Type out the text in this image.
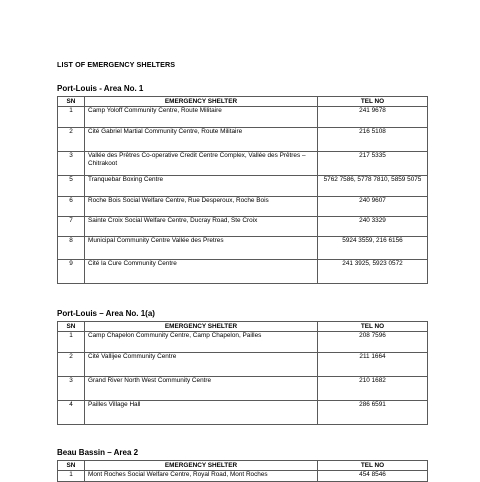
LIST OF EMERGENCY SHELTERS
Port-Louis - Area No. 1
SN	EMERGENCY SHELTER	TEL NO
1	Camp Yoloff Community Centre, Route Militaire	241 9678
2	Cité Gabriel Martial Community Centre, Route Militaire	216 5108
3	Vallée des Prêtres Co-operative Credit Centre Complex, Vallée des Prêtres – Chitrakoot	217 5335
5	Tranquebar Boxing Centre	5762 7586, 5778 7810, 5859 5075
6	Roche Bois Social Welfare Centre, Rue Desperoux, Roche Bois	240 9607
7	Sainte Croix Social Welfare Centre, Ducray Road, Ste Croix	240 3329
8	Municipal Community Centre Vallée des Pretres	5924 3559, 216 6156
9	Cité la Cure Community Centre	241 3925, 5923 0572
Port-Louis – Area No. 1(a)
SN	EMERGENCY SHELTER	TEL NO
1	Camp Chapelon Community Centre, Camp Chapelon, Pailles	208 7596
2	Cité Vallijee Community Centre	211 1664
3	Grand River North West Community Centre	210 1682
4	Pailles Village Hall	286 6591
Beau Bassin – Area 2
SN	EMERGENCY SHELTER	TEL NO
1	Mont Roches Social Welfare Centre, Royal Road, Mont Roches	454 8546
